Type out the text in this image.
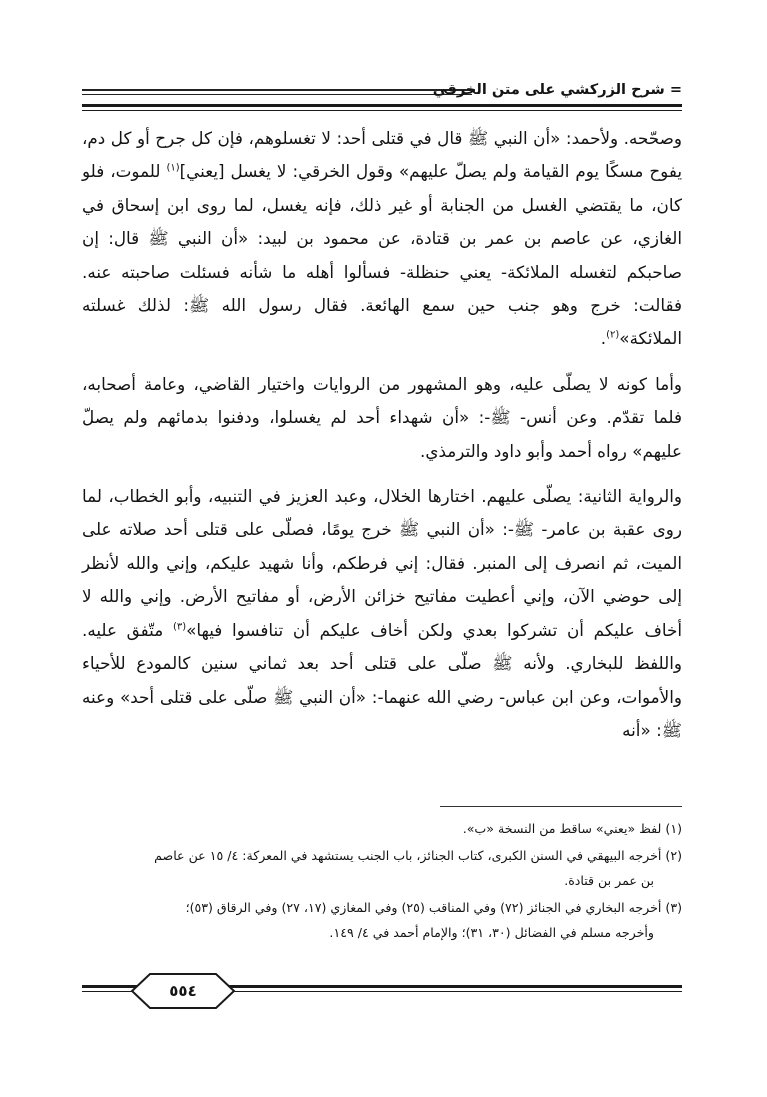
= شرح الزركشي على متن الخرقي

وصحّحه. ولأحمد: «أن النبي ﷺ قال في قتلى أحد: لا تغسلوهم، فإن كل جرح أو كل دم، يفوح مسكًا يوم القيامة ولم يصلّ عليهم» وقول الخرقي: لا يغسل [يعني]$^{(١)}$ للموت، فلو كان، ما يقتضي الغسل من الجنابة أو غير ذلك، فإنه يغسل، لما روى ابن إسحاق في الغازي، عن عاصم بن عمر بن قتادة، عن محمود بن لبيد: «أن النبي ﷺ قال: إن صاحبكم لتغسله الملائكة- يعني حنظلة- فسألوا أهله ما شأنه فسئلت صاحبته عنه. فقالت: خرج وهو جنب حين سمع الهائعة. فقال رسول الله ﷺ: لذلك غسلته الملائكة»$^{(٢)}$.

وأما كونه لا يصلّى عليه، وهو المشهور من الروايات واختيار القاضي، وعامة أصحابه، فلما تقدّم. وعن أنس- ﷺ-: «أن شهداء أحد لم يغسلوا، ودفنوا بدمائهم ولم يصلّ عليهم» رواه أحمد وأبو داود والترمذي.

والرواية الثانية: يصلّى عليهم. اختارها الخلال، وعبد العزيز في التنبيه، وأبو الخطاب، لما روى عقبة بن عامر- ﷺ-: «أن النبي ﷺ خرج يومًا، فصلّى على قتلى أحد صلاته على الميت، ثم انصرف إلى المنبر. فقال: إني فرطكم، وأنا شهيد عليكم، وإني والله لأنظر إلى حوضي الآن، وإني أعطيت مفاتيح خزائن الأرض، أو مفاتيح الأرض. وإني والله لا أخاف عليكم أن تشركوا بعدي ولكن أخاف عليكم أن تنافسوا فيها»$^{(٣)}$ متّفق عليه. واللفظ للبخاري. ولأنه ﷺ صلّى على قتلى أحد بعد ثماني سنين كالمودع للأحياء والأموات، وعن ابن عباس- رضي الله عنهما-: «أن النبي ﷺ صلّى على قتلى أحد» وعنه ﷺ: «أنه

(١) لفظ «يعني» ساقط من النسخة «ب».
(٢) أخرجه البيهقي في السنن الكبرى، كتاب الجنائز، باب الجنب يستشهد في المعركة: ٤/ ١٥ عن عاصم
بن عمر بن قتادة.
(٣) أخرجه البخاري في الجنائز (٧٢) وفي المناقب (٢٥) وفي المغازي (١٧، ٢٧) وفي الرقاق (٥٣)؛
وأخرجه مسلم في الفضائل (٣٠، ٣١)؛ والإمام أحمد في ٤/ ١٤٩.
٥٥٤
